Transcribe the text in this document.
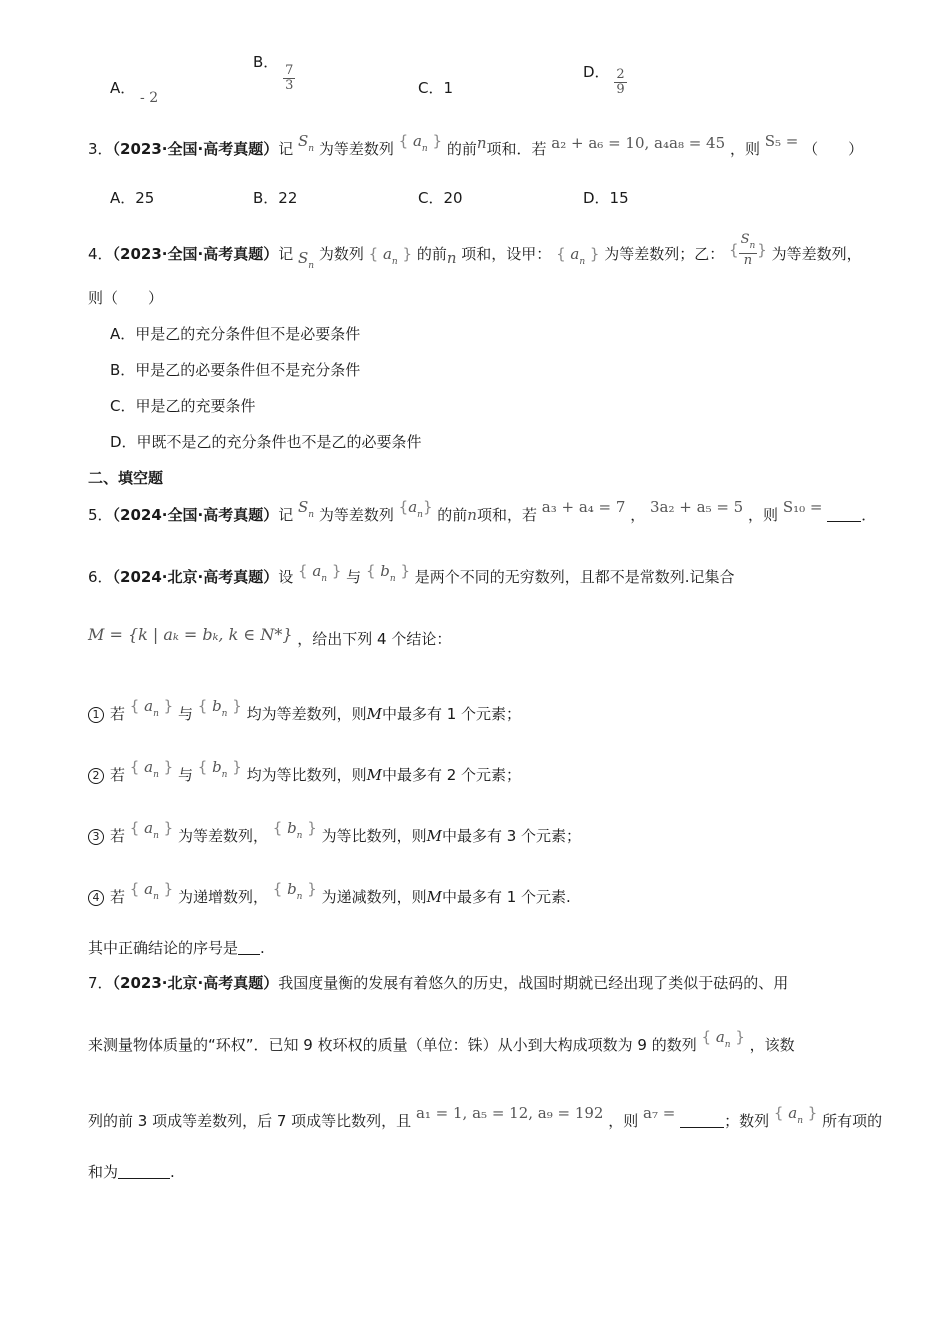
A． - 2
B．
$\frac{7}{3}$	C．1
D． $\frac{2}{9}$
3．（2023·全国·高考真题）记 $S_n$ 为等差数列 { $a_n$ } 的前n项和．若 a₂ + a₆ = 10, a₄a₈ = 45 ，则 S₅ = （　　）
A．25	B．22	C．20	D．15
4．（2023·全国·高考真题）记 $S_n$ 为数列 { $a_n$ } 的前n 项和，设甲： { $a_n$ } 为等差数列；乙： { $\frac{S_n}{n}$ } 为等差数列，
则（　　）
A．甲是乙的充分条件但不是必要条件
B．甲是乙的必要条件但不是充分条件
C．甲是乙的充要条件
D．甲既不是乙的充分条件也不是乙的必要条件
二、填空题
5．（2024·全国·高考真题）记 $S_n$ 为等差数列 $\{a_n\}$ 的前n项和，若 a₃ + a₄ = 7 ， 3a₂ + a₅ = 5 ，则 S₁₀ =	．
6．（2024·北京·高考真题）设 { $a_n$ } 与 { $b_n$ } 是两个不同的无穷数列，且都不是常数列.记集合
M = {k | aₖ = bₖ, k ∈ N*} ，给出下列 4 个结论：
1 若 { $a_n$ } 与 { $b_n$ } 均为等差数列，则M中最多有 1 个元素；
2 若 { $a_n$ } 与 { $b_n$ } 均为等比数列，则M中最多有 2 个元素；
3 若 { $a_n$ } 为等差数列， { $b_n$ } 为等比数列，则M中最多有 3 个元素；
4 若 { $a_n$ } 为递增数列， { $b_n$ } 为递减数列，则M中最多有 1 个元素.
其中正确结论的序号是 .
7．（2023·北京·高考真题）我国度量衡的发展有着悠久的历史，战国时期就已经出现了类似于砝码的、用
来测量物体质量的“环权”．已知 9 枚环权的质量（单位：铢）从小到大构成项数为 9 的数列 { $a_n$ } ，该数
列的前 3 项成等差数列，后 7 项成等比数列，且 a₁ = 1, a₅ = 12, a₉ = 192 ，则 a₇ =	；数列 { $a_n$ } 所有项的
和为	.
